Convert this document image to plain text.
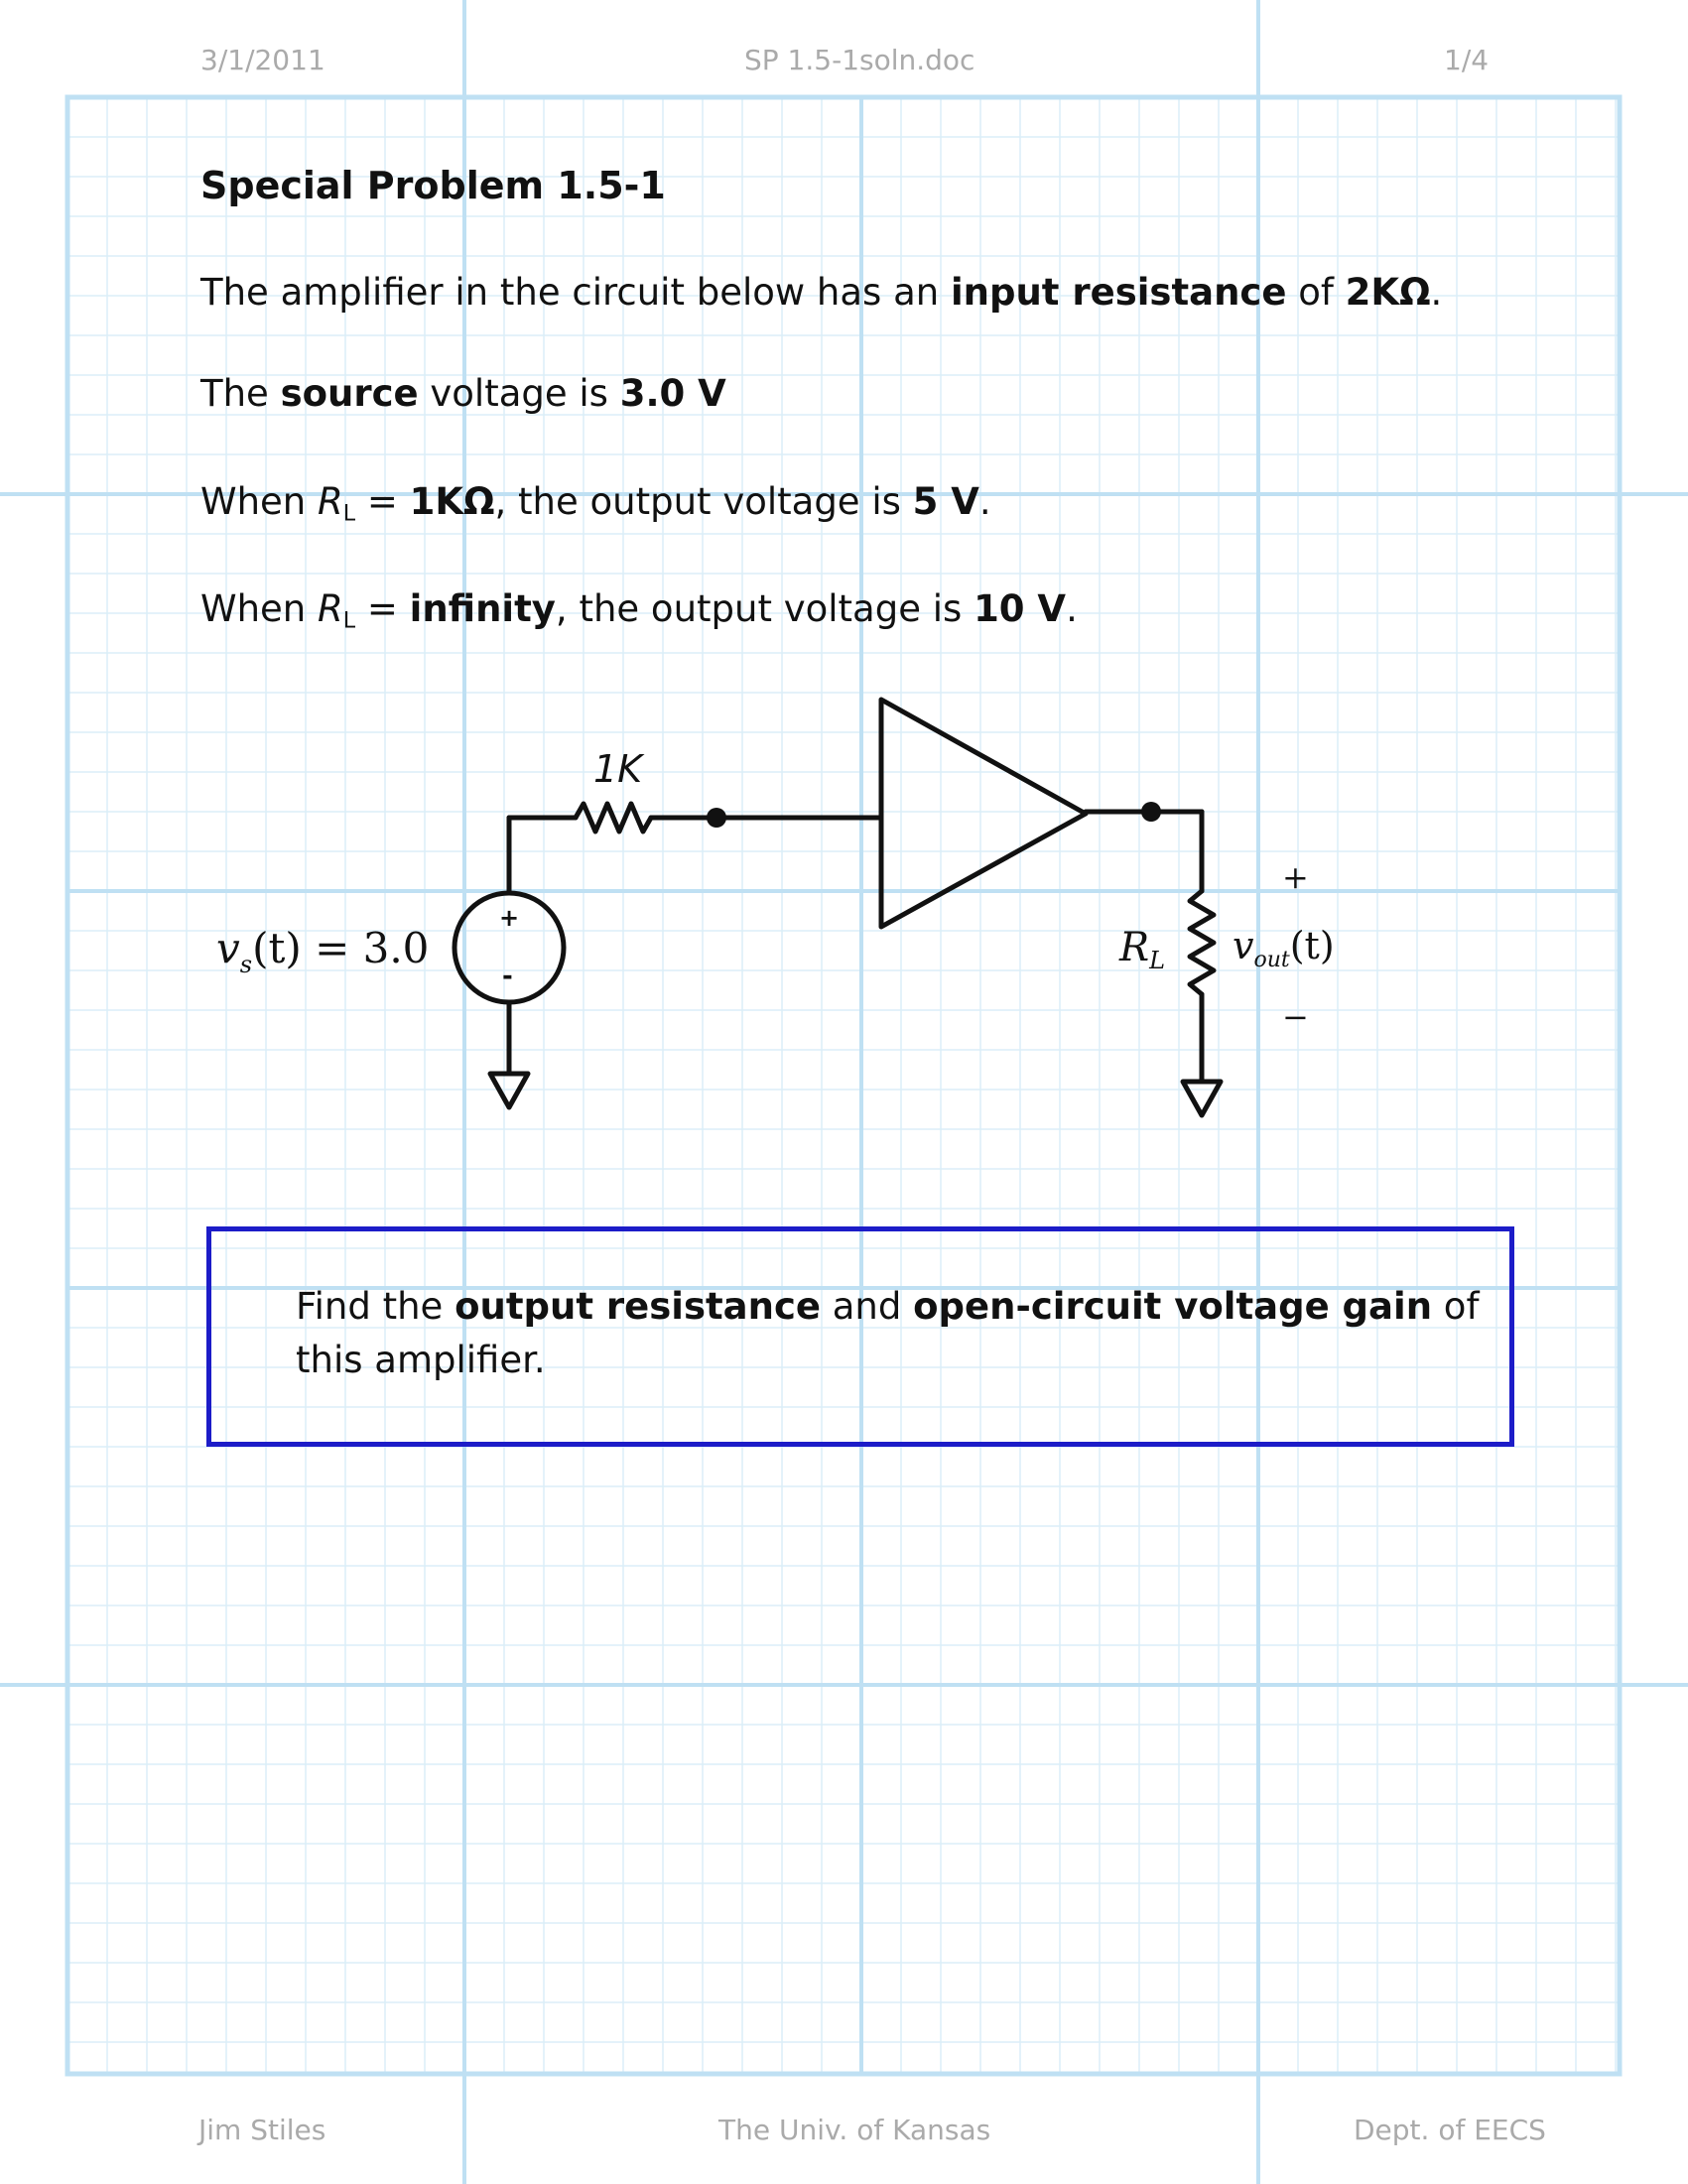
3/1/2011	SP 1.5-1soln.doc	1/4
Special Problem 1.5-1
The amplifier in the circuit below has an input resistance of 2KΩ.
The source voltage is 3.0 V
When $R_L = 1K\Omega$, the output voltage is 5 V.
When $R_L$ = infinity, the output voltage is 10 V.
1K
+
-
$v_s(t) = 3.0$	$R_L$
+
$v_{out}(t)$
−
Find the output resistance and open-circuit voltage gain of this amplifier.
Jim Stiles	The Univ. of Kansas	Dept. of EECS
